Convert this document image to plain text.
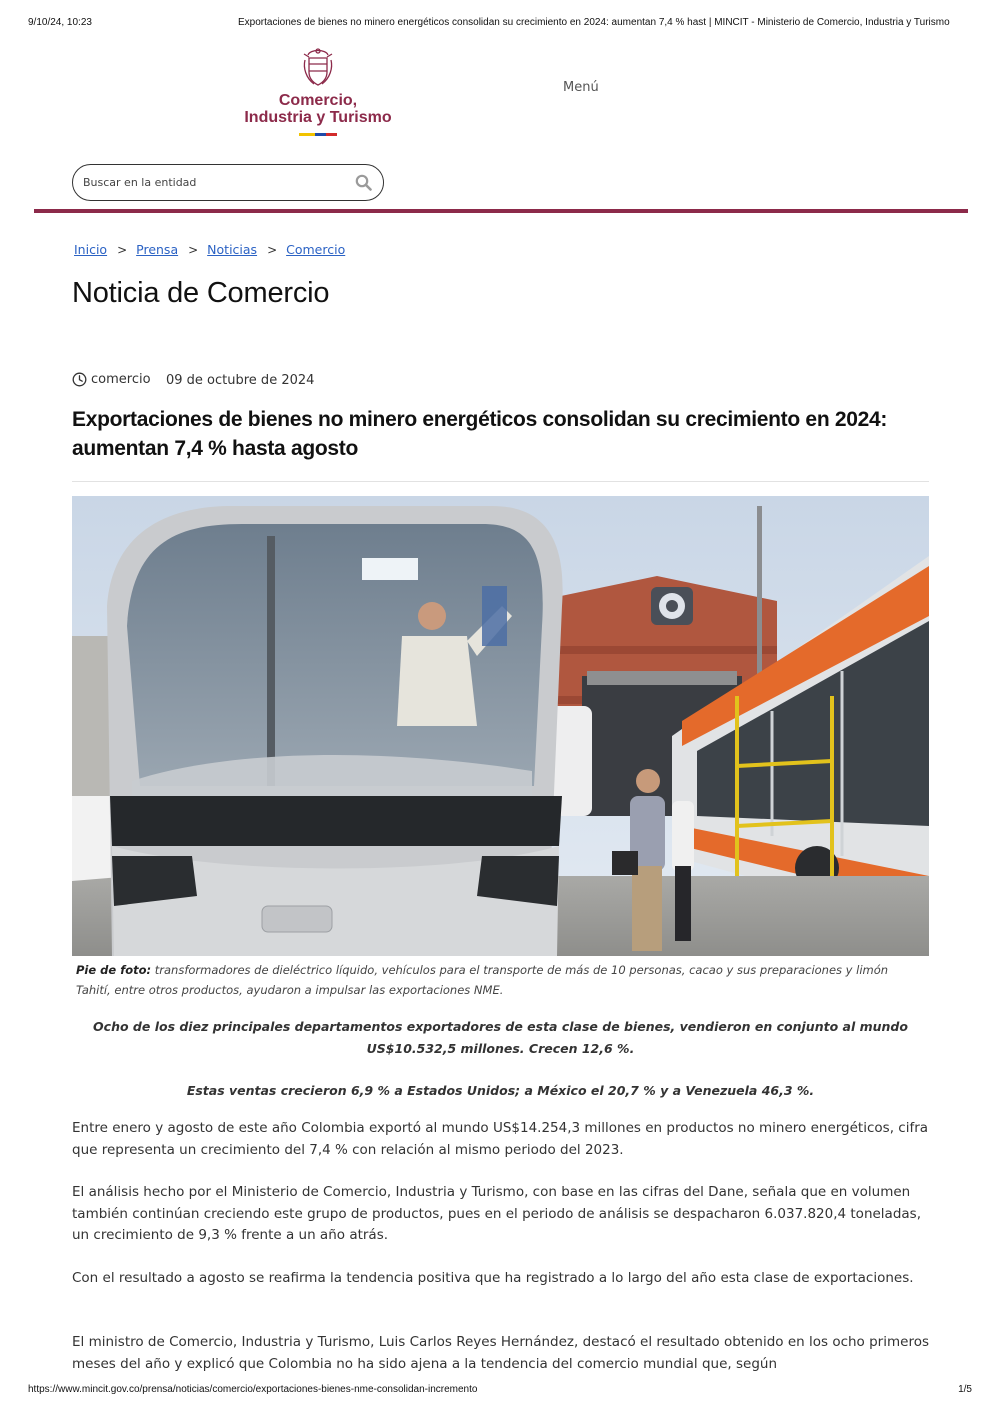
9/10/24, 10:23	Exportaciones de bienes no minero energéticos consolidan su crecimiento en 2024: aumentan 7,4 % hast | MINCIT - Ministerio de Comercio, Industria y Turismo
Comercio,
Industria y Turismo
Menú
Buscar en la entidad
Inicio > Prensa > Noticias > Comercio
Noticia de Comercio
comercio 09 de octubre de 2024
Exportaciones de bienes no minero energéticos consolidan su crecimiento en 2024: aumentan 7,4 % hasta agosto

Pie de foto: transformadores de dieléctrico líquido, vehículos para el transporte de más de 10 personas, cacao y sus preparaciones y limón Tahití, entre otros productos, ayudaron a impulsar las exportaciones NME.

Ocho de los diez principales departamentos exportadores de esta clase de bienes, vendieron en conjunto al mundo US$10.532,5 millones. Crecen 12,6 %.

Estas ventas crecieron 6,9 % a Estados Unidos; a México el 20,7 % y a Venezuela 46,3 %.

Entre enero y agosto de este año Colombia exportó al mundo US$14.254,3 millones en productos no minero energéticos, cifra que representa un crecimiento del 7,4 % con relación al mismo periodo del 2023.

El análisis hecho por el Ministerio de Comercio, Industria y Turismo, con base en las cifras del Dane, señala que en volumen también continúan creciendo este grupo de productos, pues en el periodo de análisis se despacharon 6.037.820,4 toneladas, un crecimiento de 9,3 % frente a un año atrás.

Con el resultado a agosto se reafirma la tendencia positiva que ha registrado a lo largo del año esta clase de exportaciones.

El ministro de Comercio, Industria y Turismo, Luis Carlos Reyes Hernández, destacó el resultado obtenido en los ocho primeros meses del año y explicó que Colombia no ha sido ajena a la tendencia del comercio mundial que, según

https://www.mincit.gov.co/prensa/noticias/comercio/exportaciones-bienes-nme-consolidan-incremento	1/5
